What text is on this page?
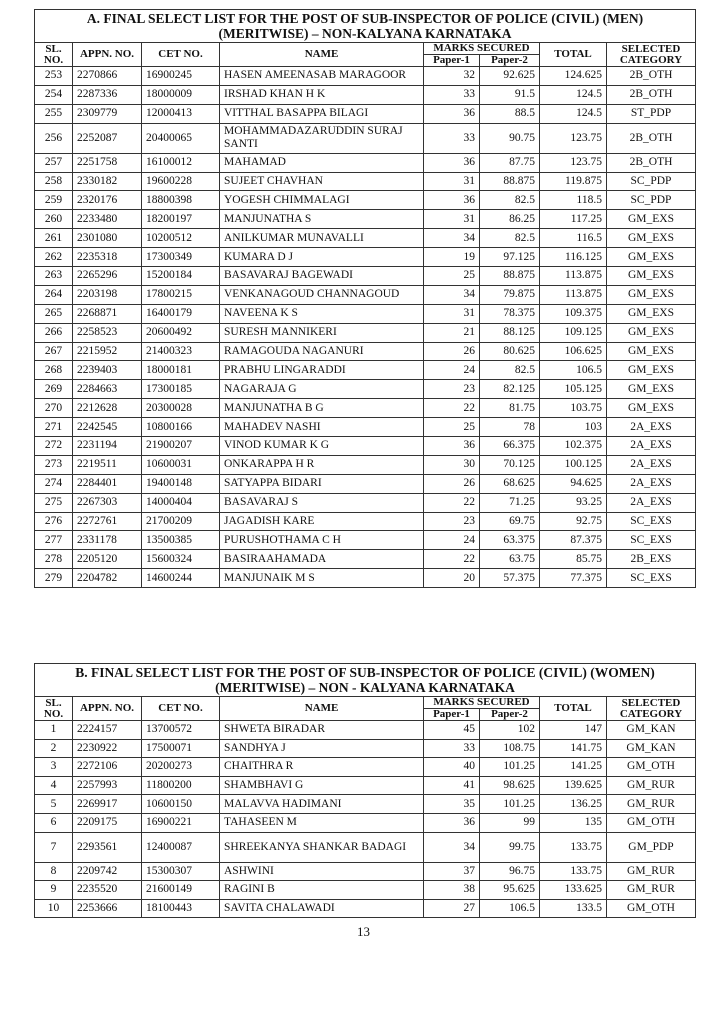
A. FINAL SELECT LIST FOR THE POST OF SUB-INSPECTOR OF POLICE (CIVIL) (MEN)
(MERITWISE) – NON-KALYANA KARNATAKA							

SL. NO.	APPN. NO.	CET NO.	NAME	MARKS SECURED		TOTAL	SELECTED CATEGORY
				Paper-1	Paper-2		
253	2270866	16900245	HASEN AMEENASAB MARAGOOR	32	92.625	124.625	2B_OTH
254	2287336	18000009	IRSHAD KHAN H K	33	91.5	124.5	2B_OTH
255	2309779	12000413	VITTHAL BASAPPA BILAGI	36	88.5	124.5	ST_PDP
256	2252087	20400065	MOHAMMADAZARUDDIN SURAJ SANTI	33	90.75	123.75	2B_OTH
257	2251758	16100012	MAHAMAD	36	87.75	123.75	2B_OTH
258	2330182	19600228	SUJEET CHAVHAN	31	88.875	119.875	SC_PDP
259	2320176	18800398	YOGESH CHIMMALAGI	36	82.5	118.5	SC_PDP
260	2233480	18200197	MANJUNATHA S	31	86.25	117.25	GM_EXS
261	2301080	10200512	ANILKUMAR MUNAVALLI	34	82.5	116.5	GM_EXS
262	2235318	17300349	KUMARA D J	19	97.125	116.125	GM_EXS
263	2265296	15200184	BASAVARAJ BAGEWADI	25	88.875	113.875	GM_EXS
264	2203198	17800215	VENKANAGOUD CHANNAGOUD	34	79.875	113.875	GM_EXS
265	2268871	16400179	NAVEENA K S	31	78.375	109.375	GM_EXS
266	2258523	20600492	SURESH MANNIKERI	21	88.125	109.125	GM_EXS
267	2215952	21400323	RAMAGOUDA NAGANURI	26	80.625	106.625	GM_EXS
268	2239403	18000181	PRABHU LINGARADDI	24	82.5	106.5	GM_EXS
269	2284663	17300185	NAGARAJA G	23	82.125	105.125	GM_EXS
270	2212628	20300028	MANJUNATHA B G	22	81.75	103.75	GM_EXS
271	2242545	10800166	MAHADEV NASHI	25	78	103	2A_EXS
272	2231194	21900207	VINOD KUMAR K G	36	66.375	102.375	2A_EXS
273	2219511	10600031	ONKARAPPA H R	30	70.125	100.125	2A_EXS
274	2284401	19400148	SATYAPPA BIDARI	26	68.625	94.625	2A_EXS
275	2267303	14000404	BASAVARAJ S	22	71.25	93.25	2A_EXS
276	2272761	21700209	JAGADISH KARE	23	69.75	92.75	SC_EXS
277	2331178	13500385	PURUSHOTHAMA C H	24	63.375	87.375	SC_EXS
278	2205120	15600324	BASIRAAHAMADA	22	63.75	85.75	2B_EXS
279	2204782	14600244	MANJUNAIK M S	20	57.375	77.375	SC_EXS
B. FINAL SELECT LIST FOR THE POST OF SUB-INSPECTOR OF POLICE (CIVIL) (WOMEN)
(MERITWISE) – NON - KALYANA KARNATAKA							

SL. NO.	APPN. NO.	CET NO.	NAME	MARKS SECURED		TOTAL	SELECTED CATEGORY
				Paper-1	Paper-2		
1	2224157	13700572	SHWETA BIRADAR	45	102	147	GM_KAN
2	2230922	17500071	SANDHYA J	33	108.75	141.75	GM_KAN
3	2272106	20200273	CHAITHRA R	40	101.25	141.25	GM_OTH
4	2257993	11800200	SHAMBHAVI G	41	98.625	139.625	GM_RUR
5	2269917	10600150	MALAVVA HADIMANI	35	101.25	136.25	GM_RUR
6	2209175	16900221	TAHASEEN M	36	99	135	GM_OTH
7	2293561	12400087	SHREEKANYA SHANKAR BADAGI	34	99.75	133.75	GM_PDP
8	2209742	15300307	ASHWINI	37	96.75	133.75	GM_RUR
9	2235520	21600149	RAGINI B	38	95.625	133.625	GM_RUR
10	2253666	18100443	SAVITA CHALAWADI	27	106.5	133.5	GM_OTH
13
